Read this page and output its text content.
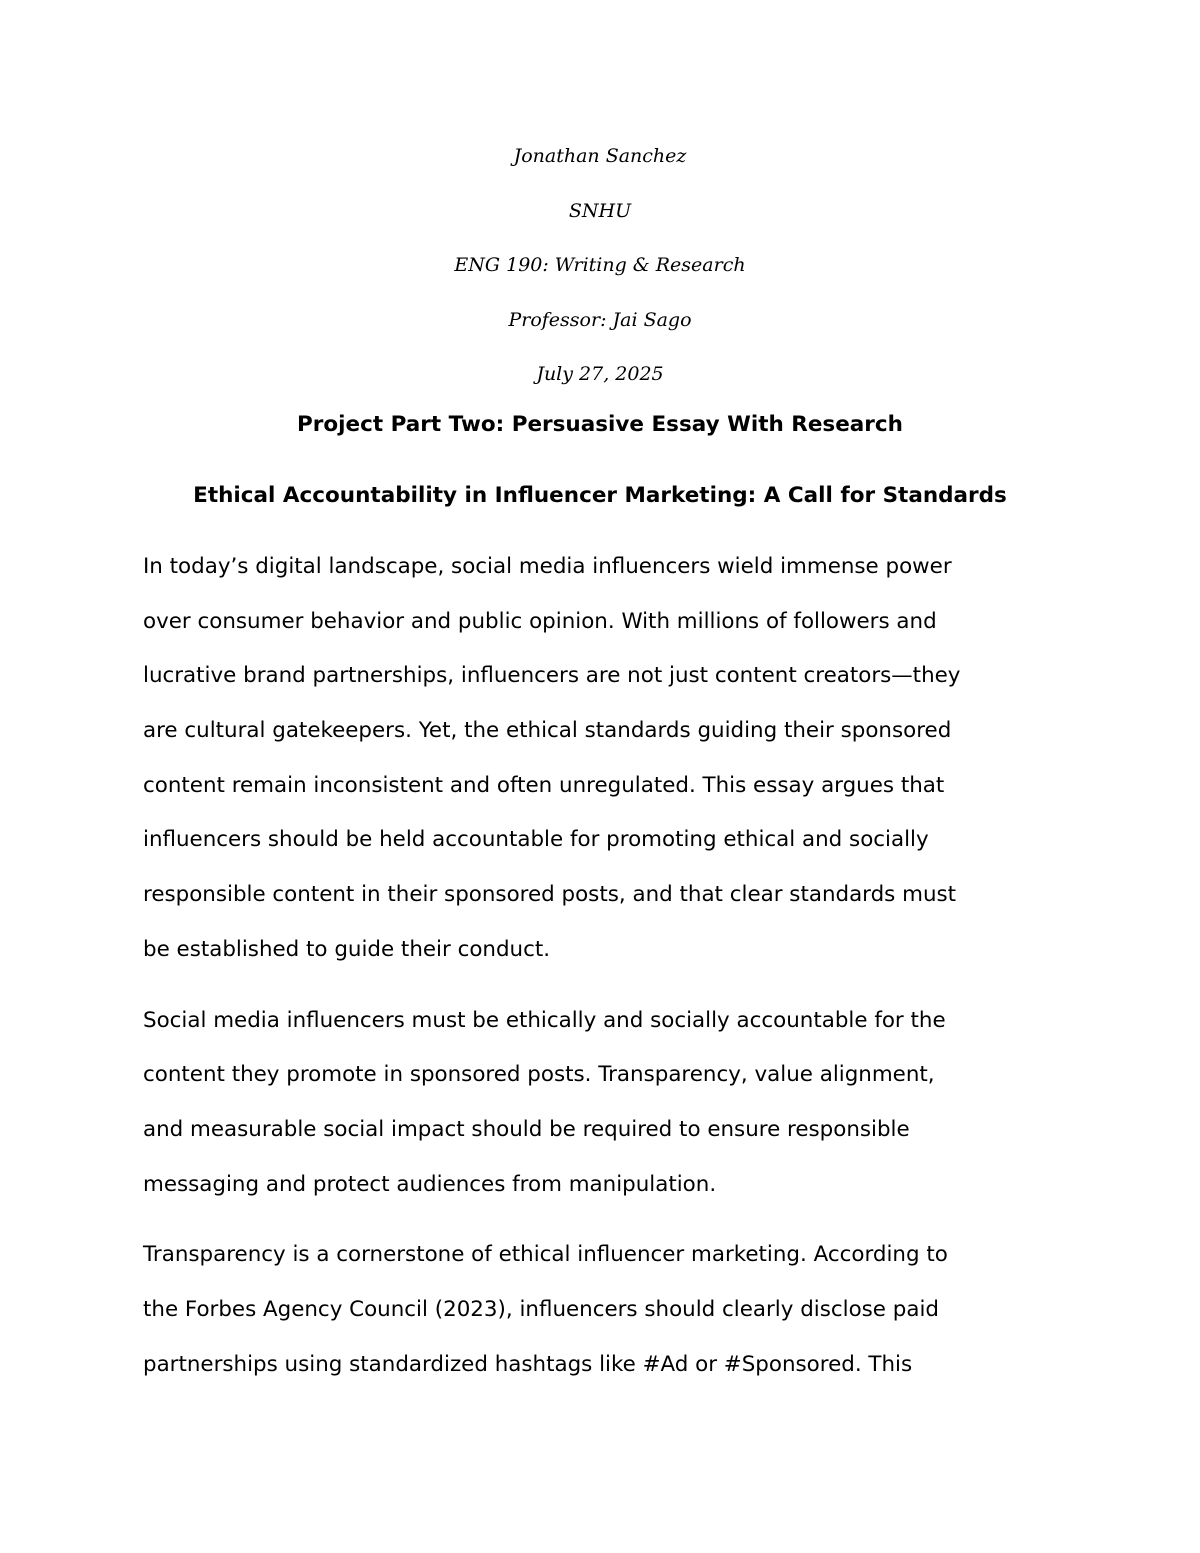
Jonathan Sanchez
SNHU
ENG 190: Writing & Research
Professor: Jai Sago
July 27, 2025
Project Part Two: Persuasive Essay With Research
Ethical Accountability in Influencer Marketing: A Call for Standards
In today’s digital landscape, social media influencers wield immense power
over consumer behavior and public opinion. With millions of followers and
lucrative brand partnerships, influencers are not just content creators—they
are cultural gatekeepers. Yet, the ethical standards guiding their sponsored
content remain inconsistent and often unregulated. This essay argues that
influencers should be held accountable for promoting ethical and socially
responsible content in their sponsored posts, and that clear standards must
be established to guide their conduct.
Social media influencers must be ethically and socially accountable for the
content they promote in sponsored posts. Transparency, value alignment,
and measurable social impact should be required to ensure responsible
messaging and protect audiences from manipulation.
Transparency is a cornerstone of ethical influencer marketing. According to
the Forbes Agency Council (2023), influencers should clearly disclose paid
partnerships using standardized hashtags like #Ad or #Sponsored. This
